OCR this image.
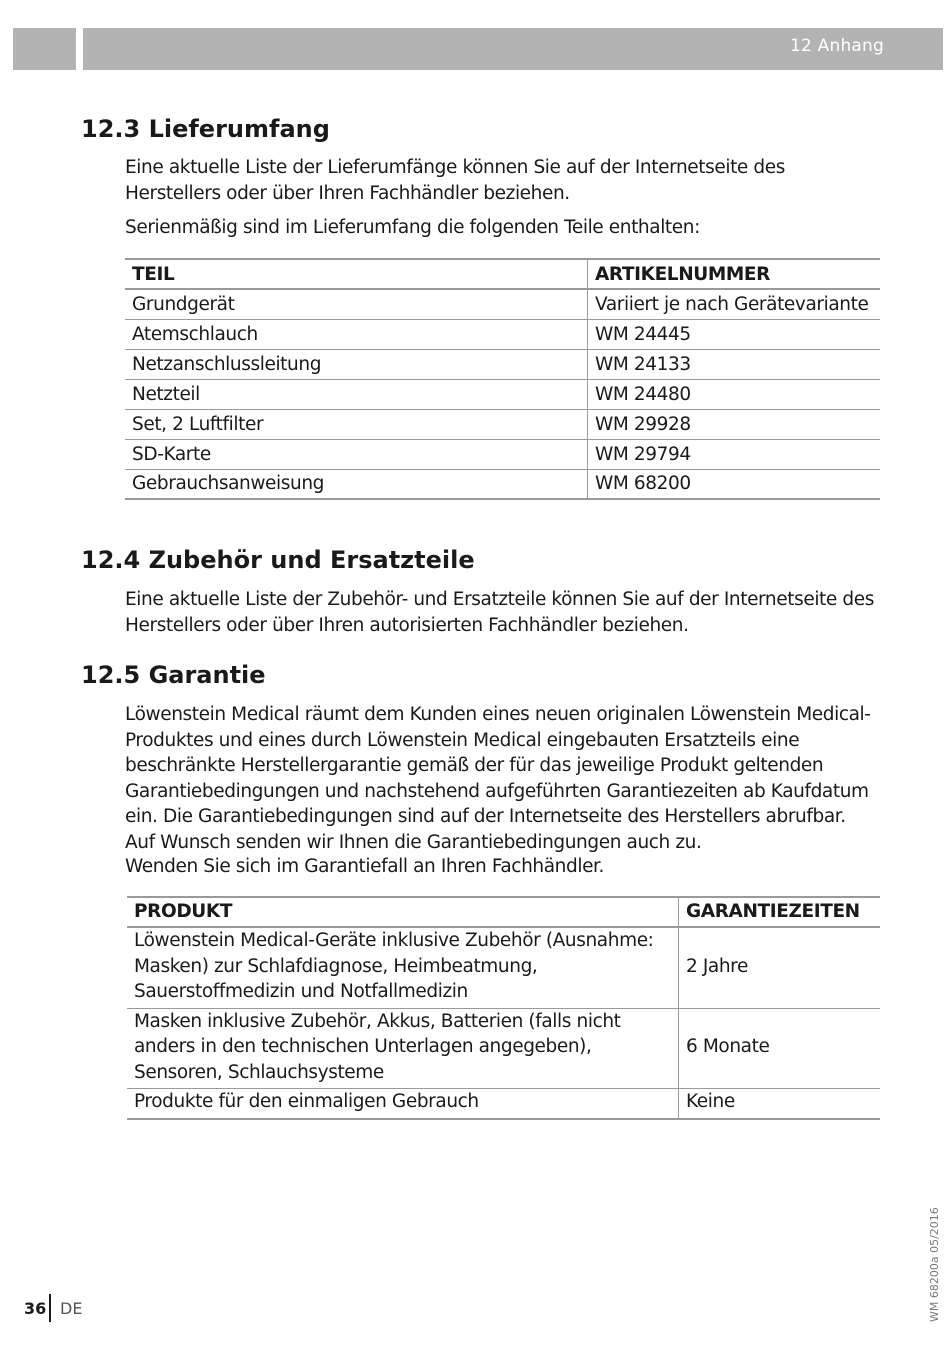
12 Anhang
12.3 Lieferumfang

Eine aktuelle Liste der Lieferumfänge können Sie auf der Internetseite des Herstellers oder über Ihren Fachhändler beziehen.

Serienmäßig sind im Lieferumfang die folgenden Teile enthalten:

TEIL	ARTIKELNUMMER
Grundgerät	Variiert je nach Gerätevariante
Atemschlauch	WM 24445
Netzanschlussleitung	WM 24133
Netzteil	WM 24480
Set, 2 Luftfilter	WM 29928
SD-Karte	WM 29794
Gebrauchsanweisung	WM 68200
12.4 Zubehör und Ersatzteile

Eine aktuelle Liste der Zubehör- und Ersatzteile können Sie auf der Internetseite des Herstellers oder über Ihren autorisierten Fachhändler beziehen.

12.5 Garantie

Löwenstein Medical räumt dem Kunden eines neuen originalen Löwenstein Medical-Produktes und eines durch Löwenstein Medical eingebauten Ersatzteils eine beschränkte Herstellergarantie gemäß der für das jeweilige Produkt geltenden Garantiebedingungen und nachstehend aufgeführten Garantiezeiten ab Kaufdatum ein. Die Garantiebedingungen sind auf der Internetseite des Herstellers abrufbar. Auf Wunsch senden wir Ihnen die Garantiebedingungen auch zu.

Wenden Sie sich im Garantiefall an Ihren Fachhändler.

PRODUKT	GARANTIEZEITEN
Löwenstein Medical-Geräte inklusive Zubehör (Ausnahme: Masken) zur Schlafdiagnose, Heimbeatmung, Sauerstoffmedizin und Notfallmedizin	2 Jahre
Masken inklusive Zubehör, Akkus, Batterien (falls nicht anders in den technischen Unterlagen angegeben), Sensoren, Schlauchsysteme	6 Monate
Produkte für den einmaligen Gebrauch	Keine
36 DE	WM 68200a 05/2016
